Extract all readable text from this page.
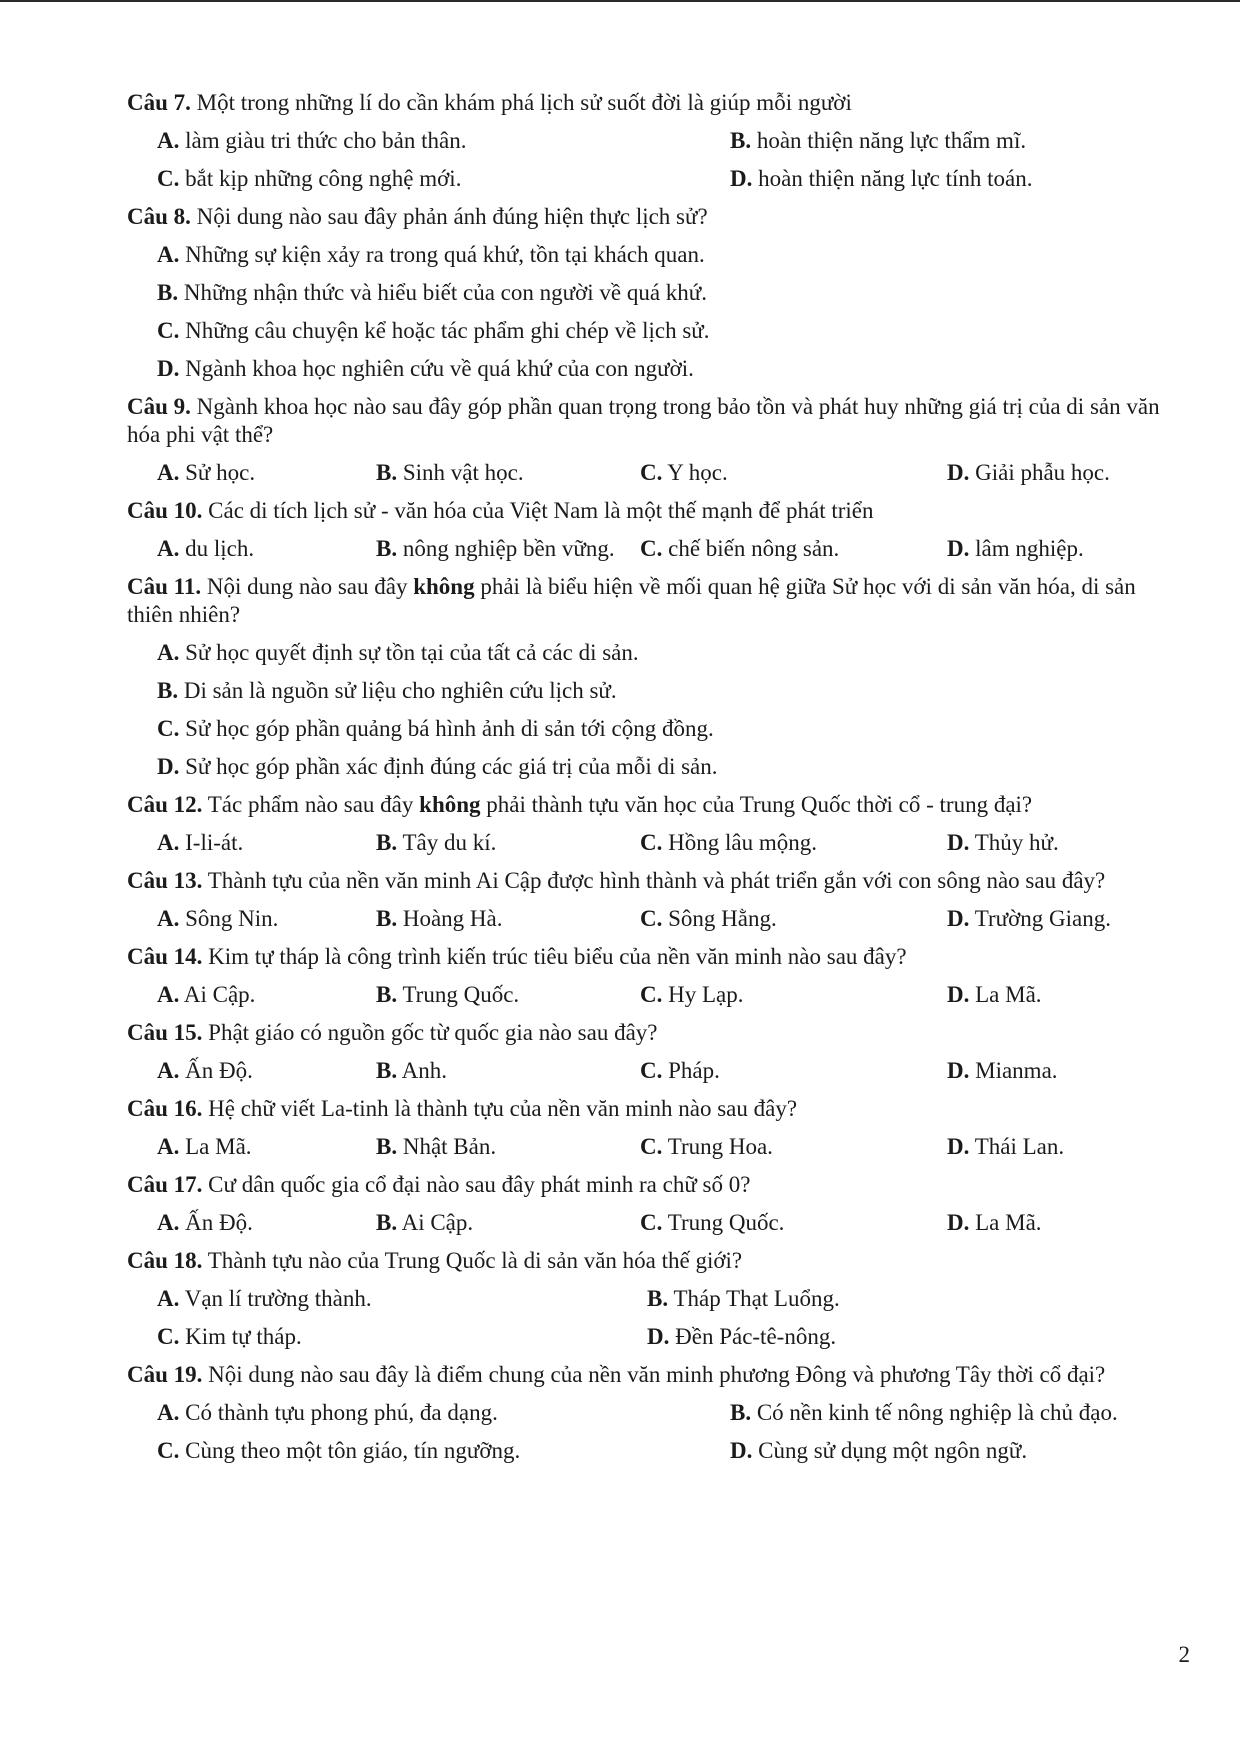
Câu 7. Một trong những lí do cần khám phá lịch sử suốt đời là giúp mỗi người
A. làm giàu tri thức cho bản thân.	B. hoàn thiện năng lực thẩm mĩ.
C. bắt kịp những công nghệ mới.	D. hoàn thiện năng lực tính toán.
Câu 8. Nội dung nào sau đây phản ánh đúng hiện thực lịch sử?
A. Những sự kiện xảy ra trong quá khứ, tồn tại khách quan.
B. Những nhận thức và hiểu biết của con người về quá khứ.
C. Những câu chuyện kể hoặc tác phẩm ghi chép về lịch sử.
D. Ngành khoa học nghiên cứu về quá khứ của con người.
Câu 9. Ngành khoa học nào sau đây góp phần quan trọng trong bảo tồn và phát huy những giá trị của di sản văn hóa phi vật thể?
A. Sử học.	B. Sinh vật học.	C. Y học.	D. Giải phẫu học.
Câu 10. Các di tích lịch sử - văn hóa của Việt Nam là một thế mạnh để phát triển
A. du lịch.	B. nông nghiệp bền vững.	C. chế biến nông sản.	D. lâm nghiệp.
Câu 11. Nội dung nào sau đây không phải là biểu hiện về mối quan hệ giữa Sử học với di sản văn hóa, di sản thiên nhiên?
A. Sử học quyết định sự tồn tại của tất cả các di sản.
B. Di sản là nguồn sử liệu cho nghiên cứu lịch sử.
C. Sử học góp phần quảng bá hình ảnh di sản tới cộng đồng.
D. Sử học góp phần xác định đúng các giá trị của mỗi di sản.
Câu 12. Tác phẩm nào sau đây không phải thành tựu văn học của Trung Quốc thời cổ - trung đại?
A. I-li-át.	B. Tây du kí.	C. Hồng lâu mộng.	D. Thủy hử.
Câu 13. Thành tựu của nền văn minh Ai Cập được hình thành và phát triển gắn với con sông nào sau đây?
A. Sông Nin.	B. Hoàng Hà.	C. Sông Hằng.	D. Trường Giang.
Câu 14. Kim tự tháp là công trình kiến trúc tiêu biểu của nền văn minh nào sau đây?
A. Ai Cập.	B. Trung Quốc.	C. Hy Lạp.	D. La Mã.
Câu 15. Phật giáo có nguồn gốc từ quốc gia nào sau đây?
A. Ấn Độ.	B. Anh.	C. Pháp.	D. Mianma.
Câu 16. Hệ chữ viết La-tinh là thành tựu của nền văn minh nào sau đây?
A. La Mã.	B. Nhật Bản.	C. Trung Hoa.	D. Thái Lan.
Câu 17. Cư dân quốc gia cổ đại nào sau đây phát minh ra chữ số 0?
A. Ấn Độ.	B. Ai Cập.	C. Trung Quốc.	D. La Mã.
Câu 18. Thành tựu nào của Trung Quốc là di sản văn hóa thế giới?
A. Vạn lí trường thành.	B. Tháp Thạt Luổng.
C. Kim tự tháp.	D. Đền Pác-tê-nông.
Câu 19. Nội dung nào sau đây là điểm chung của nền văn minh phương Đông và phương Tây thời cổ đại?
A. Có thành tựu phong phú, đa dạng.	B. Có nền kinh tế nông nghiệp là chủ đạo.
C. Cùng theo một tôn giáo, tín ngưỡng.	D. Cùng sử dụng một ngôn ngữ.
2
